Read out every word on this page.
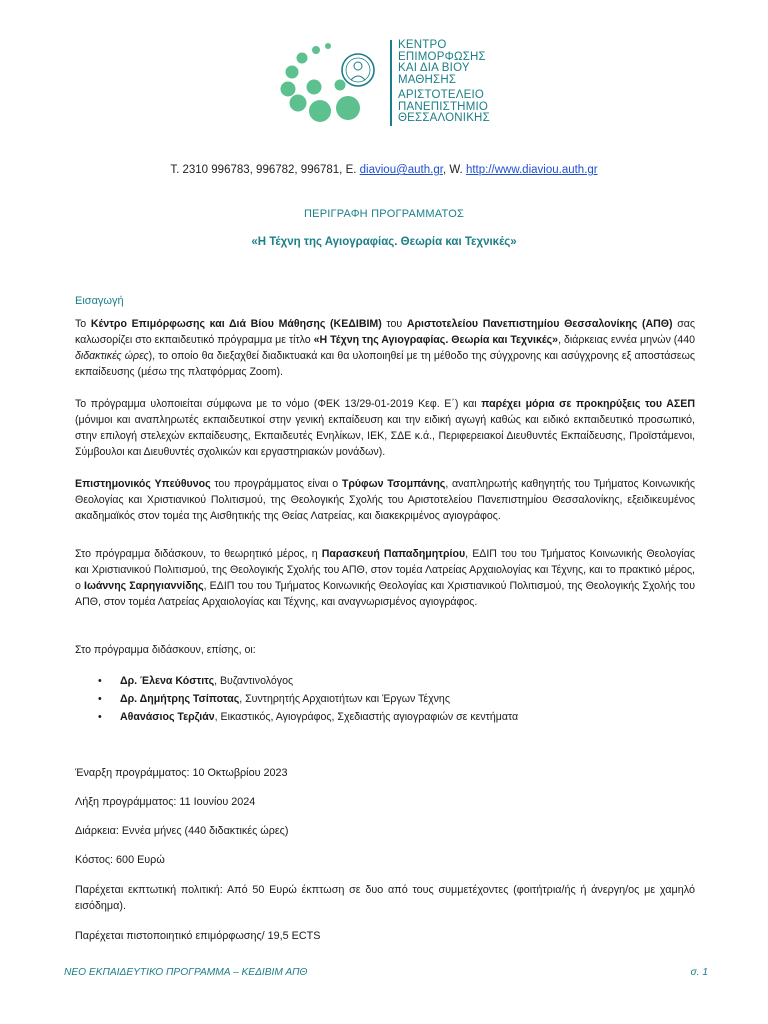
ΚΕΝΤΡΟ
ΕΠΙΜΟΡΦΩΣΗΣ
ΚΑΙ ΔΙΑ ΒΙΟΥ
ΜΑΘΗΣΗΣ
ΑΡΙΣΤΟΤΕΛΕΙΟ
ΠΑΝΕΠΙΣΤΗΜΙΟ
ΘΕΣΣΑΛΟΝΙΚΗΣ
T. 2310 996783, 996782, 996781, E. diaviou@auth.gr, W. http://www.diaviou.auth.gr
ΠΕΡΙΓΡΑΦΗ ΠΡΟΓΡΑΜΜΑΤΟΣ
«Η Τέχνη της Αγιογραφίας. Θεωρία και Τεχνικές»
Εισαγωγή
Το Κέντρο Επιμόρφωσης και Διά Βίου Μάθησης (ΚΕΔΙΒΙΜ) του Αριστοτελείου Πανεπιστημίου Θεσσαλονίκης (ΑΠΘ) σας καλωσορίζει στο εκπαιδευτικό πρόγραμμα με τίτλο «Η Τέχνη της Αγιογραφίας. Θεωρία και Τεχνικές», διάρκειας εννέα μηνών (440 διδακτικές ώρες), το οποίο θα διεξαχθεί διαδικτυακά και θα υλοποιηθεί με τη μέθοδο της σύγχρονης και ασύγχρονης εξ αποστάσεως εκπαίδευσης (μέσω της πλατφόρμας Zoom).
Το πρόγραμμα υλοποιείται σύμφωνα με το νόμο (ΦΕΚ 13/29-01-2019 Κεφ. Ε΄) και παρέχει μόρια σε προκηρύξεις του ΑΣΕΠ (μόνιμοι και αναπληρωτές εκπαιδευτικοί στην γενική εκπαίδευση και την ειδική αγωγή καθώς και ειδικό εκπαιδευτικό προσωπικό, στην επιλογή στελεχών εκπαίδευσης, Εκπαιδευτές Ενηλίκων, ΙΕΚ, ΣΔΕ κ.ά., Περιφερειακοί Διευθυντές Εκπαίδευσης, Προϊστάμενοι, Σύμβουλοι και Διευθυντές σχολικών και εργαστηριακών μονάδων).
Επιστημονικός Υπεύθυνος του προγράμματος είναι ο Τρύφων Τσομπάνης, αναπληρωτής καθηγητής του Τμήματος Κοινωνικής Θεολογίας και Χριστιανικού Πολιτισμού, της Θεολογικής Σχολής του Αριστοτελείου Πανεπιστημίου Θεσσαλονίκης, εξειδικευμένος ακαδημαϊκός στον τομέα της Αισθητικής της Θείας Λατρείας, και διακεκριμένος αγιογράφος.
Στο πρόγραμμα διδάσκουν, το θεωρητικό μέρος, η Παρασκευή Παπαδημητρίου, ΕΔΙΠ του του Τμήματος Κοινωνικής Θεολογίας και Χριστιανικού Πολιτισμού, της Θεολογικής Σχολής του ΑΠΘ, στον τομέα Λατρείας Αρχαιολογίας και Τέχνης, και το πρακτικό μέρος, ο Ιωάννης Σαρηγιαννίδης, ΕΔΙΠ του του Τμήματος Κοινωνικής Θεολογίας και Χριστιανικού Πολιτισμού, της Θεολογικής Σχολής του ΑΠΘ, στον τομέα Λατρείας Αρχαιολογίας και Τέχνης, και αναγνωρισμένος αγιογράφος.
Στο πρόγραμμα διδάσκουν, επίσης, οι:
• Δρ. Έλενα Κόστιτς, Βυζαντινολόγος
• Δρ. Δημήτρης Τσίποτας, Συντηρητής Αρχαιοτήτων και Έργων Τέχνης
• Αθανάσιος Τερζιάν, Εικαστικός, Αγιογράφος, Σχεδιαστής αγιογραφιών σε κεντήματα
Έναρξη προγράμματος: 10 Οκτωβρίου 2023
Λήξη προγράμματος: 11 Ιουνίου 2024
Διάρκεια: Εννέα μήνες (440 διδακτικές ώρες)
Κόστος: 600 Ευρώ
Παρέχεται εκπτωτική πολιτική: Από 50 Ευρώ έκπτωση σε δυο από τους συμμετέχοντες (φοιτήτρια/ής ή άνεργη/ος με χαμηλό εισόδημα).
Παρέχεται πιστοποιητικό επιμόρφωσης/ 19,5 ECTS
ΝΕΟ ΕΚΠΑΙΔΕΥΤΙΚΟ ΠΡΟΓΡΑΜΜΑ – ΚΕΔΙΒΙΜ ΑΠΘ	σ. 1
